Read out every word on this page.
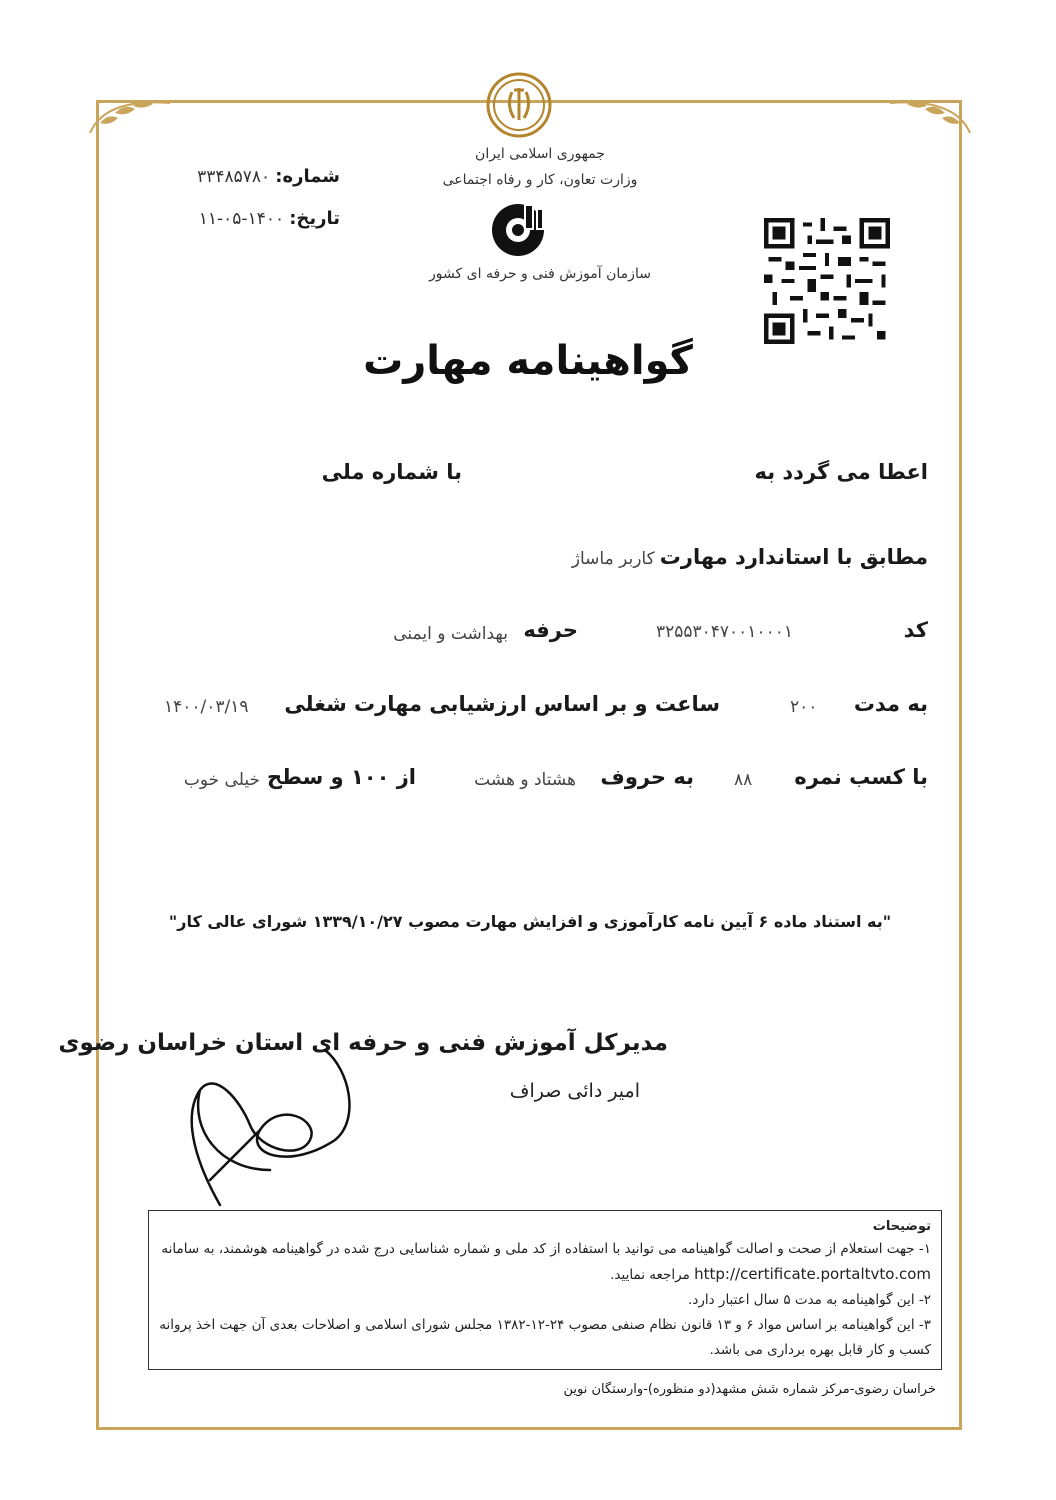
جمهوری اسلامی ایران
وزارت تعاون، کار و رفاه اجتماعی
سازمان آموزش فنی و حرفه ای کشور
شماره: ۳۳۴۸۵۷۸۰
تاریخ: ۱۴۰۰-۰۵-۱۱
گواهینامه مهارت
اعطا می گردد به
با شماره ملی
مطابق با استاندارد مهارت کاربر ماساژ
کد
۳۲۵۵۳۰۴۷۰۰۱۰۰۰۱
حرفه
بهداشت و ایمنی
به مدت
۲۰۰
ساعت و بر اساس ارزشیابی مهارت شغلی
۱۴۰۰/۰۳/۱۹
با کسب نمره
۸۸
به حروف
هشتاد و هشت
از ۱۰۰ و سطح
خیلی خوب
"به استناد ماده ۶ آیین نامه کارآموزی و افزایش مهارت مصوب ۱۳۳۹/۱۰/۲۷ شورای عالی کار"
مدیرکل آموزش فنی و حرفه ای استان خراسان رضوی
امیر دائی صراف
توضیحات
۱- جهت استعلام از صحت و اصالت گواهینامه می توانید با استفاده از کد ملی و شماره شناسایی درج شده در گواهینامه هوشمند، به سامانه http://certificate.portaltvto.com مراجعه نمایید.
۲- این گواهینامه به مدت ۵ سال اعتبار دارد.
۳- این گواهینامه بر اساس مواد ۶ و ۱۳ قانون نظام صنفی مصوب ۲۴-۱۲-۱۳۸۲ مجلس شورای اسلامی و اصلاحات بعدی آن جهت اخذ پروانه کسب و کار قابل بهره برداری می باشد.
خراسان رضوی-مرکز شماره شش مشهد(دو منظوره)-وارستگان نوین
